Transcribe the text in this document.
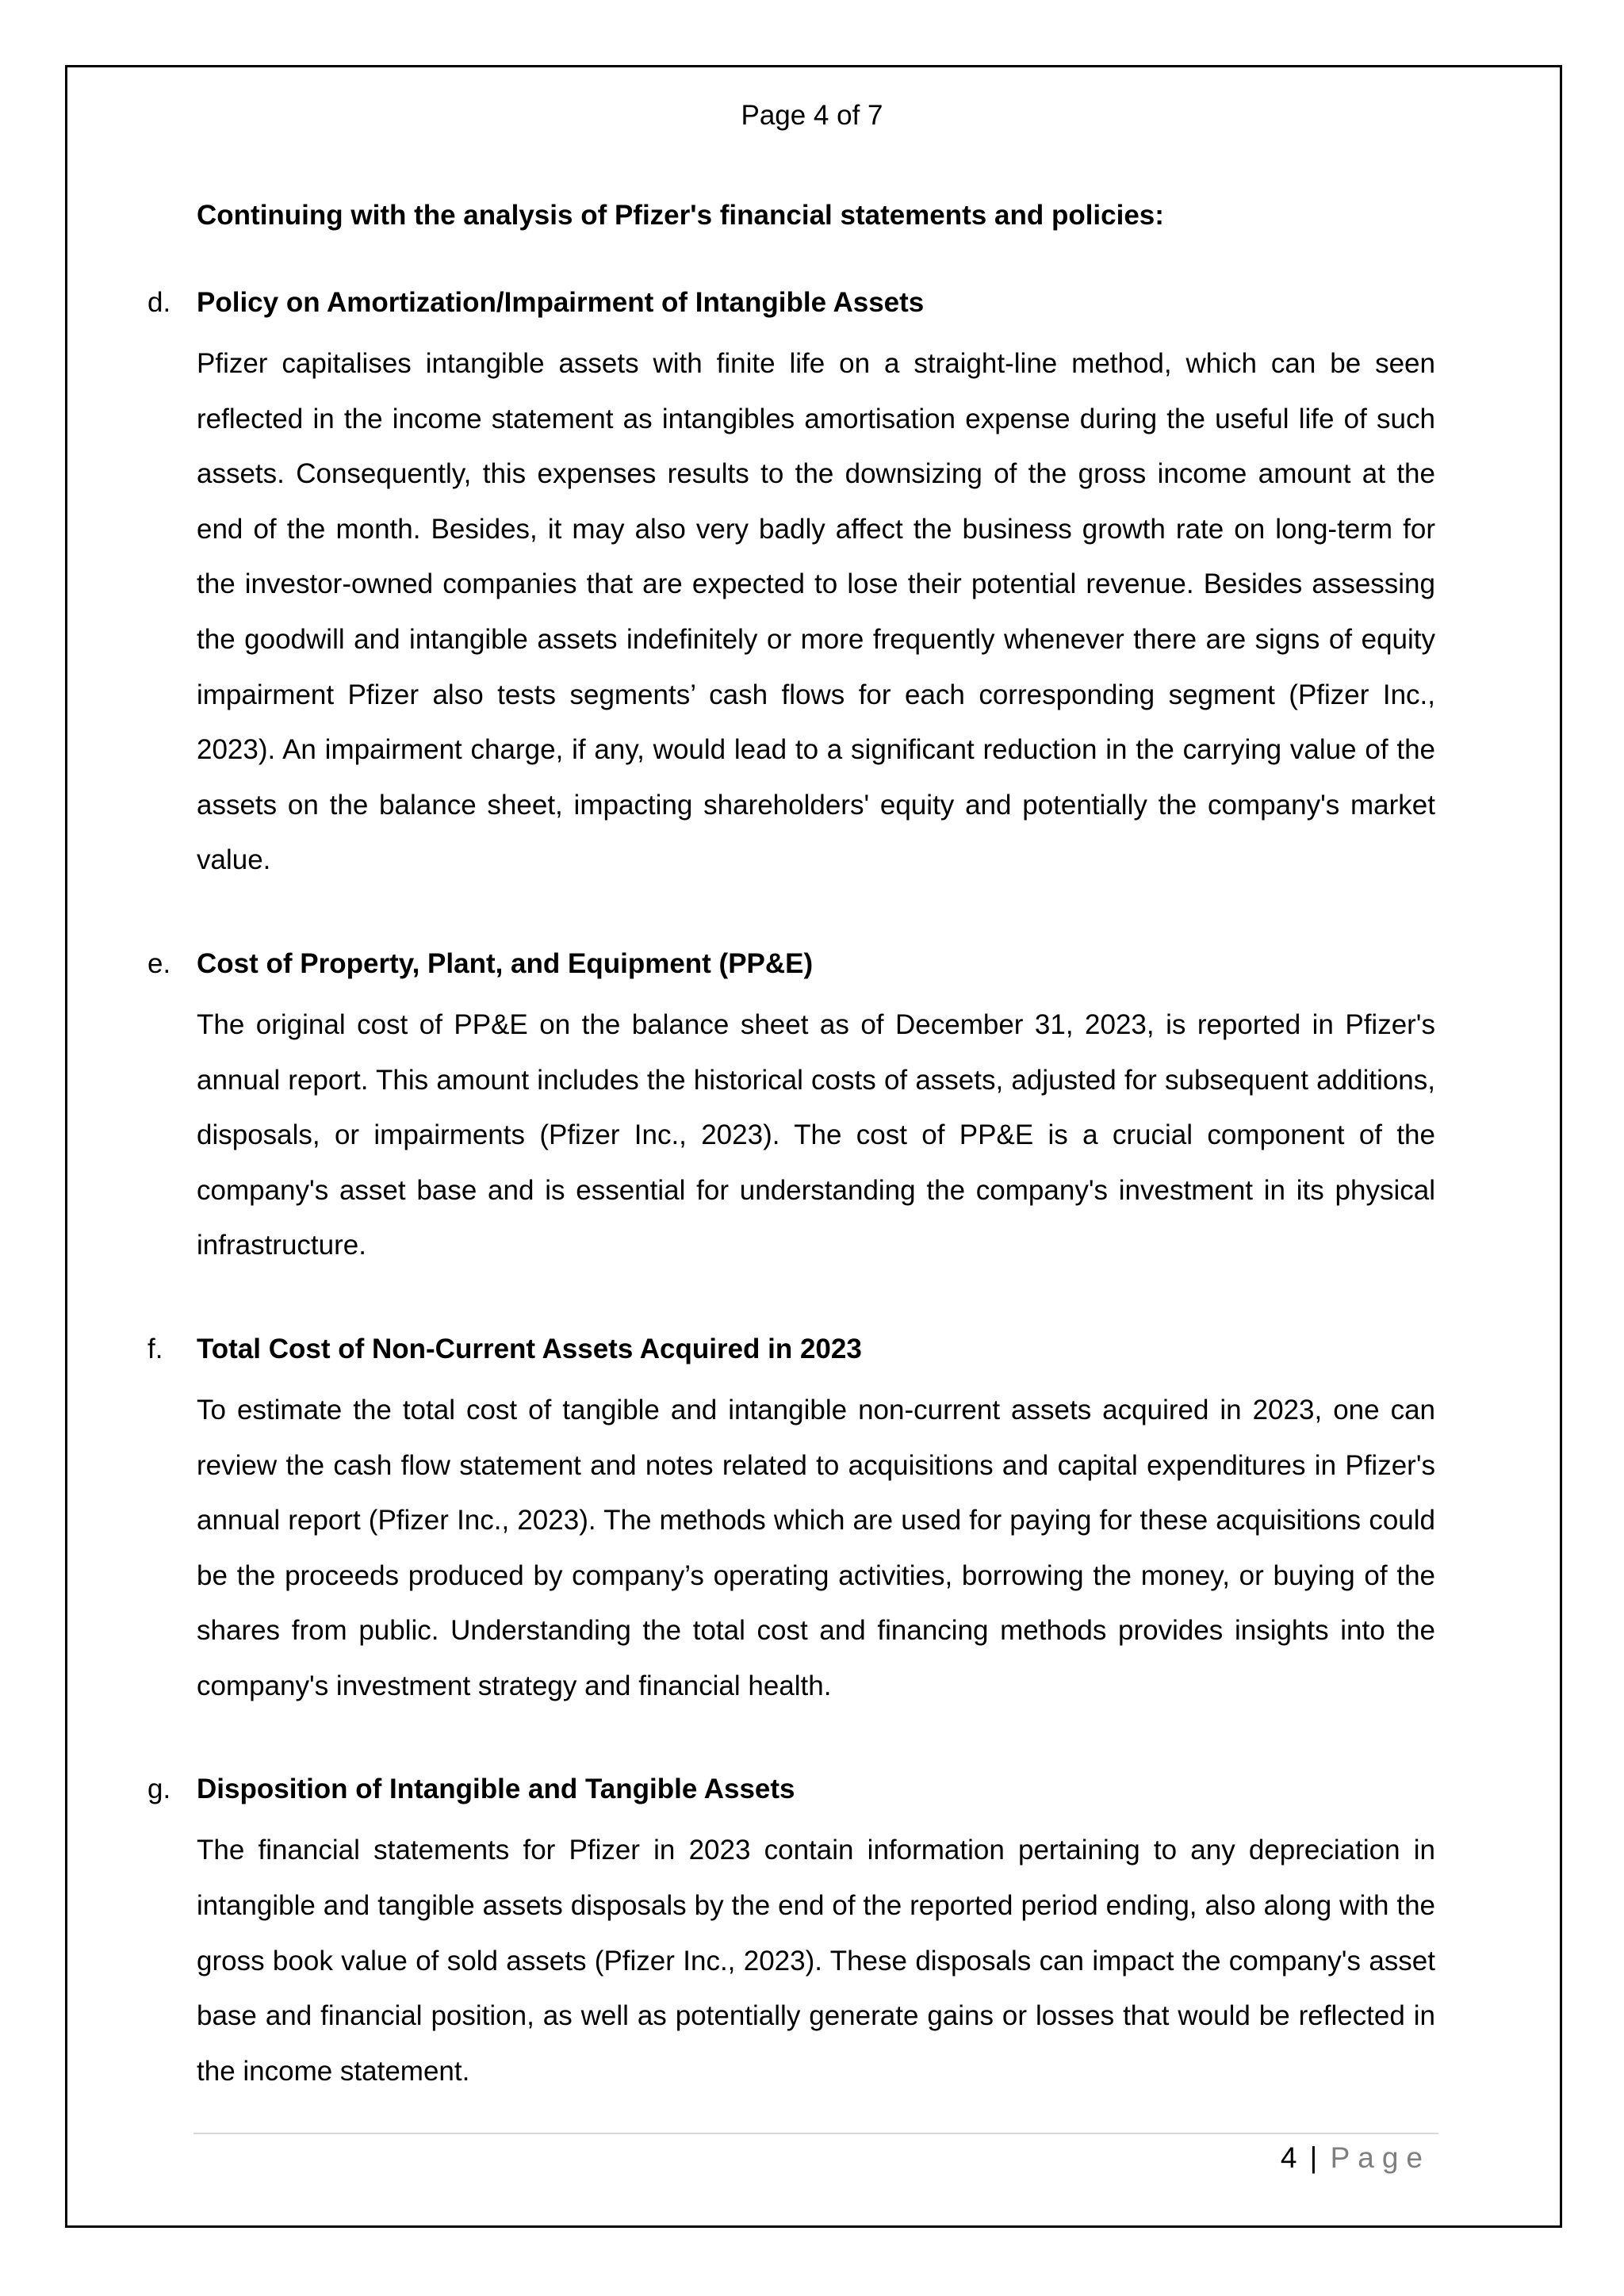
Page 4 of 7

Continuing with the analysis of Pfizer's financial statements and policies:

d. Policy on Amortization/Impairment of Intangible Assets

Pfizer capitalises intangible assets with finite life on a straight-line method, which can be seen reflected in the income statement as intangibles amortisation expense during the useful life of such assets. Consequently, this expenses results to the downsizing of the gross income amount at the end of the month. Besides, it may also very badly affect the business growth rate on long-term for the investor-owned companies that are expected to lose their potential revenue. Besides assessing the goodwill and intangible assets indefinitely or more frequently whenever there are signs of equity impairment Pfizer also tests segments’ cash flows for each corresponding segment (Pfizer Inc., 2023). An impairment charge, if any, would lead to a significant reduction in the carrying value of the assets on the balance sheet, impacting shareholders' equity and potentially the company's market value.

e. Cost of Property, Plant, and Equipment (PP&E)

The original cost of PP&E on the balance sheet as of December 31, 2023, is reported in Pfizer's annual report. This amount includes the historical costs of assets, adjusted for subsequent additions, disposals, or impairments (Pfizer Inc., 2023). The cost of PP&E is a crucial component of the company's asset base and is essential for understanding the company's investment in its physical infrastructure.

f. Total Cost of Non-Current Assets Acquired in 2023

To estimate the total cost of tangible and intangible non-current assets acquired in 2023, one can review the cash flow statement and notes related to acquisitions and capital expenditures in Pfizer's annual report (Pfizer Inc., 2023). The methods which are used for paying for these acquisitions could be the proceeds produced by company’s operating activities, borrowing the money, or buying of the shares from public. Understanding the total cost and financing methods provides insights into the company's investment strategy and financial health.

g. Disposition of Intangible and Tangible Assets

The financial statements for Pfizer in 2023 contain information pertaining to any depreciation in intangible and tangible assets disposals by the end of the reported period ending, also along with the gross book value of sold assets (Pfizer Inc., 2023). These disposals can impact the company's asset base and financial position, as well as potentially generate gains or losses that would be reflected in the income statement.

4 | Page
